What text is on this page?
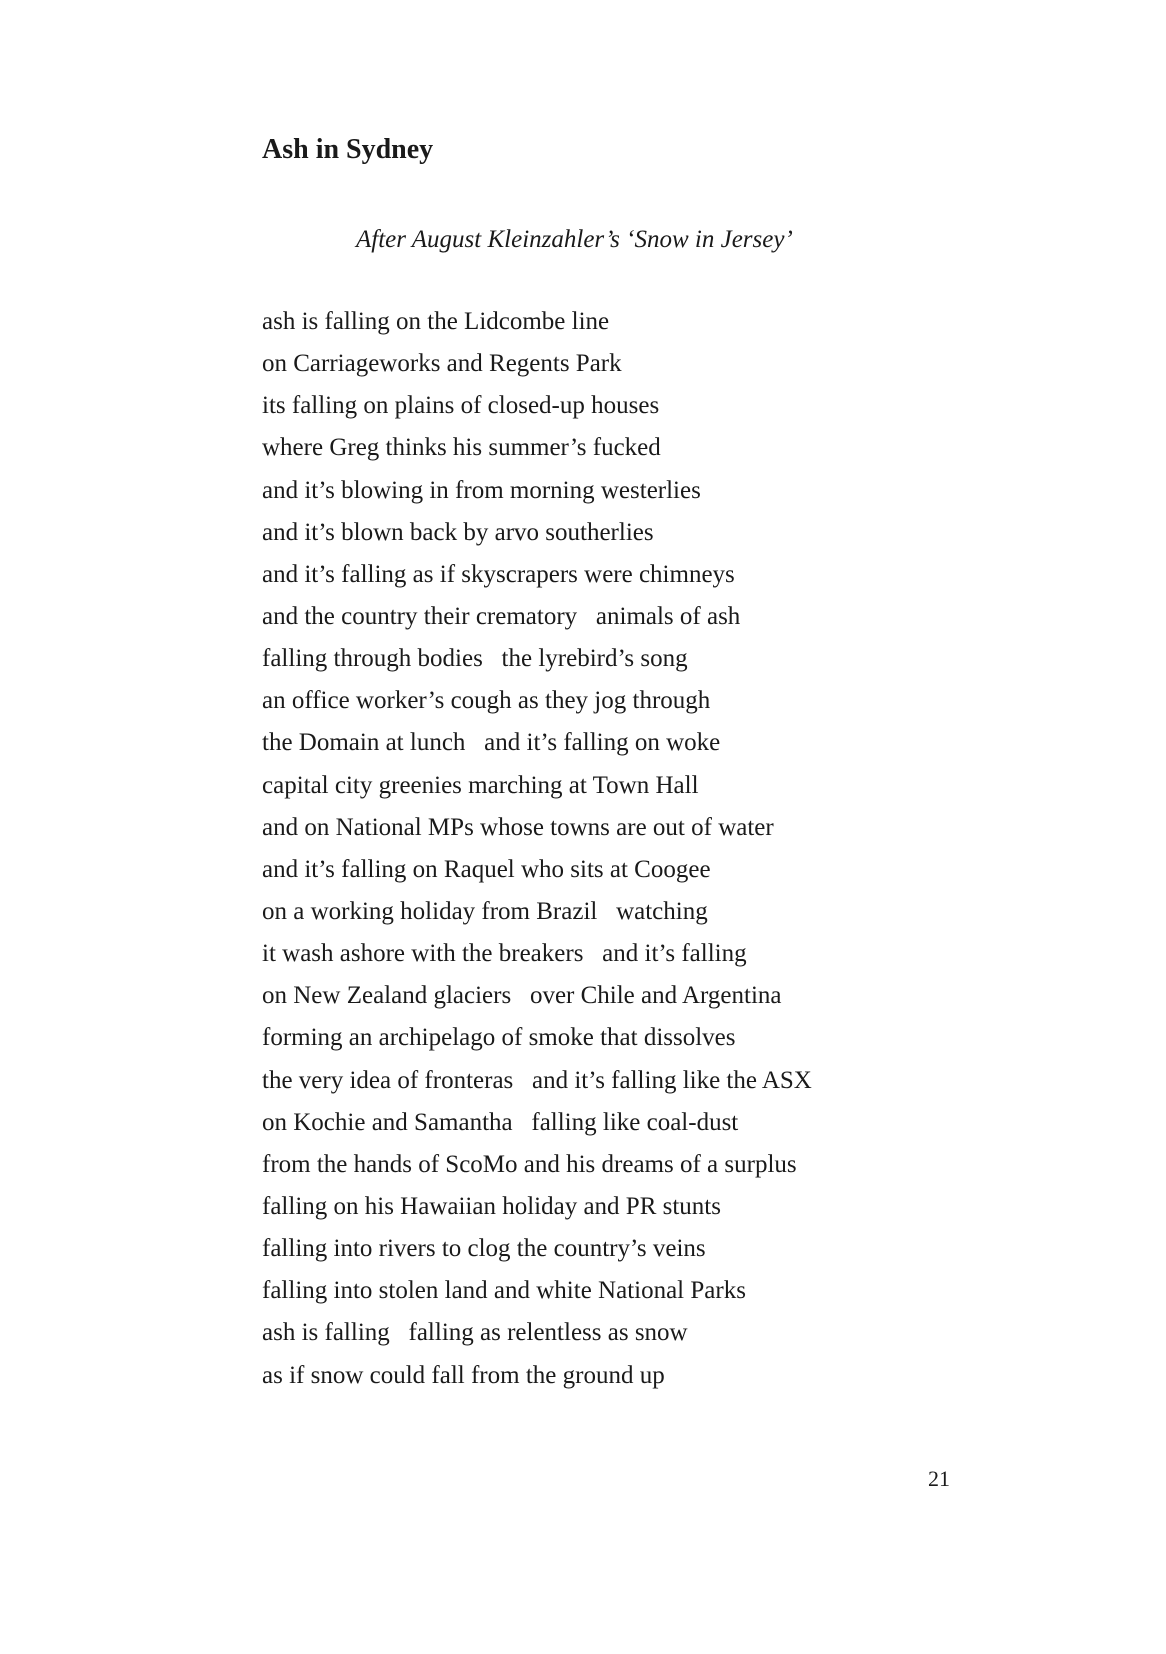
Ash in Sydney
After August Kleinzahler’s ‘Snow in Jersey’
ash is falling on the Lidcombe line
on Carriageworks and Regents Park
its falling on plains of closed-up houses
where Greg thinks his summer’s fucked
and it’s blowing in from morning westerlies
and it’s blown back by arvo southerlies
and it’s falling as if skyscrapers were chimneys
and the country their crematory   animals of ash
falling through bodies   the lyrebird’s song
an office worker’s cough as they jog through
the Domain at lunch   and it’s falling on woke
capital city greenies marching at Town Hall
and on National MPs whose towns are out of water
and it’s falling on Raquel who sits at Coogee
on a working holiday from Brazil   watching
it wash ashore with the breakers   and it’s falling
on New Zealand glaciers   over Chile and Argentina
forming an archipelago of smoke that dissolves
the very idea of fronteras   and it’s falling like the ASX
on Kochie and Samantha   falling like coal-dust
from the hands of ScoMo and his dreams of a surplus
falling on his Hawaiian holiday and PR stunts
falling into rivers to clog the country’s veins
falling into stolen land and white National Parks
ash is falling   falling as relentless as snow
as if snow could fall from the ground up
21
